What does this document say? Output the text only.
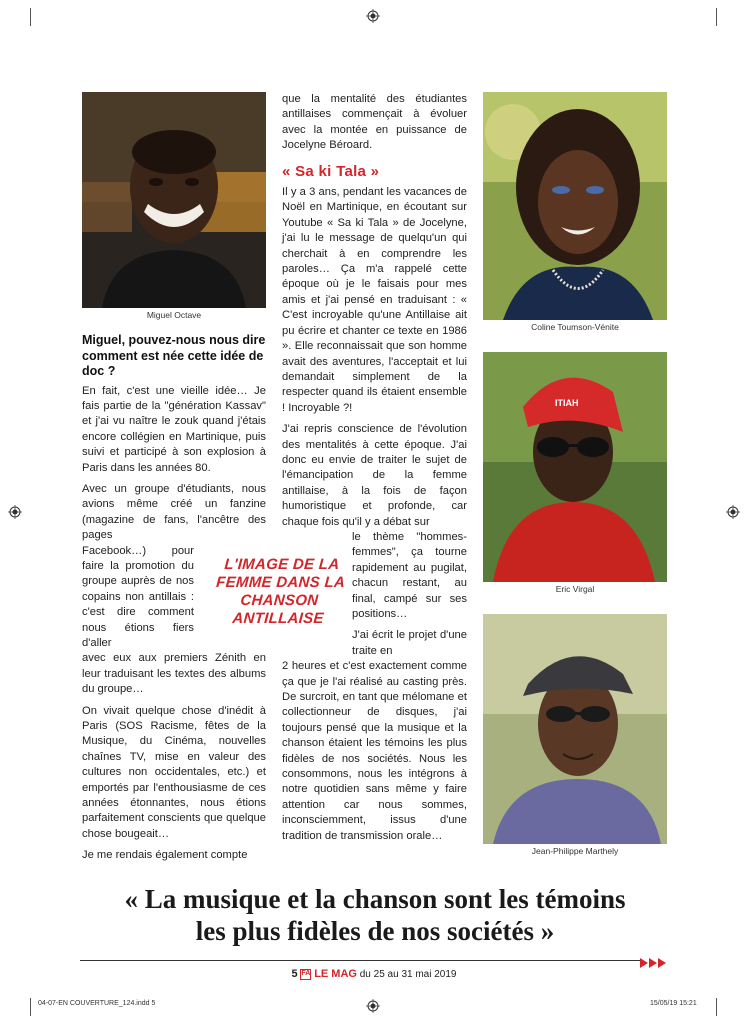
Miguel Octave
Coline Toumson-Vénite
ITIAH
Eric Virgal
Jean-Philippe Marthely
Miguel, pouvez-nous nous dire comment est née cette idée de doc ?

En fait, c'est une vieille idée… Je fais partie de la "génération Kassav" et j'ai vu naître le zouk quand j'étais encore collégien en Martinique, puis suivi et participé à son explosion à Paris dans les années 80.

Avec un groupe d'étudiants, nous avions même créé un fanzine (magazine de fans, l'ancêtre des pages

Facebook…) pour faire la promotion du groupe auprès de nos copains non antillais : c'est dire comment nous étions fiers d'aller

avec eux aux premiers Zénith en leur traduisant les textes des albums du groupe…

On vivait quelque chose d'inédit à Paris (SOS Racisme, fêtes de la Musique, du Cinéma, nouvelles chaînes TV, mise en valeur des cultures non occidentales, etc.) et emportés par l'enthousiasme de ces années étonnantes, nous étions parfaitement conscients que quelque chose bougeait…

Je me rendais également compte

L'IMAGE DE LA FEMME DANS LA CHANSON ANTILLAISE

que la mentalité des étudiantes antillaises commençait à évoluer avec la montée en puissance de Jocelyne Béroard.

« Sa ki Tala »

Il y a 3 ans, pendant les vacances de Noël en Martinique, en écoutant sur Youtube « Sa ki Tala » de Jocelyne, j'ai lu le message de quelqu'un qui cherchait à en comprendre les paroles… Ça m'a rappelé cette époque où je le faisais pour mes amis et j'ai pensé en traduisant : « C'est incroyable qu'une Antillaise ait pu écrire et chanter ce texte en 1986 ». Elle reconnaissait que son homme avait des aventures, l'acceptait et lui demandait simplement de la respecter quand ils étaient ensemble ! Incroyable ?!

J'ai repris conscience de l'évolution des mentalités à cette époque. J'ai donc eu envie de traiter le sujet de l'émancipation de la femme antillaise, à la fois de façon humoristique et profonde, car chaque fois qu'il y a débat sur

le thème "hommes-femmes", ça tourne rapidement au pugilat, chacun restant, au final, campé sur ses positions…

J'ai écrit le projet d'une traite en

2 heures et c'est exactement comme ça que je l'ai réalisé au casting près. De surcroit, en tant que mélomane et collectionneur de disques, j'ai toujours pensé que la musique et la chanson étaient les témoins les plus fidèles de nos sociétés. Nous les consommons, nous les intégrons à notre quotidien sans même y faire attention car nous sommes, inconsciemment, issus d'une tradition de transmission orale…

« La musique et la chanson sont les témoins
les plus fidèles de nos sociétés »
5 FA LE MAG du 25 au 31 mai 2019
04-07-EN COUVERTURE_124.indd 5	15/05/19 15:21
